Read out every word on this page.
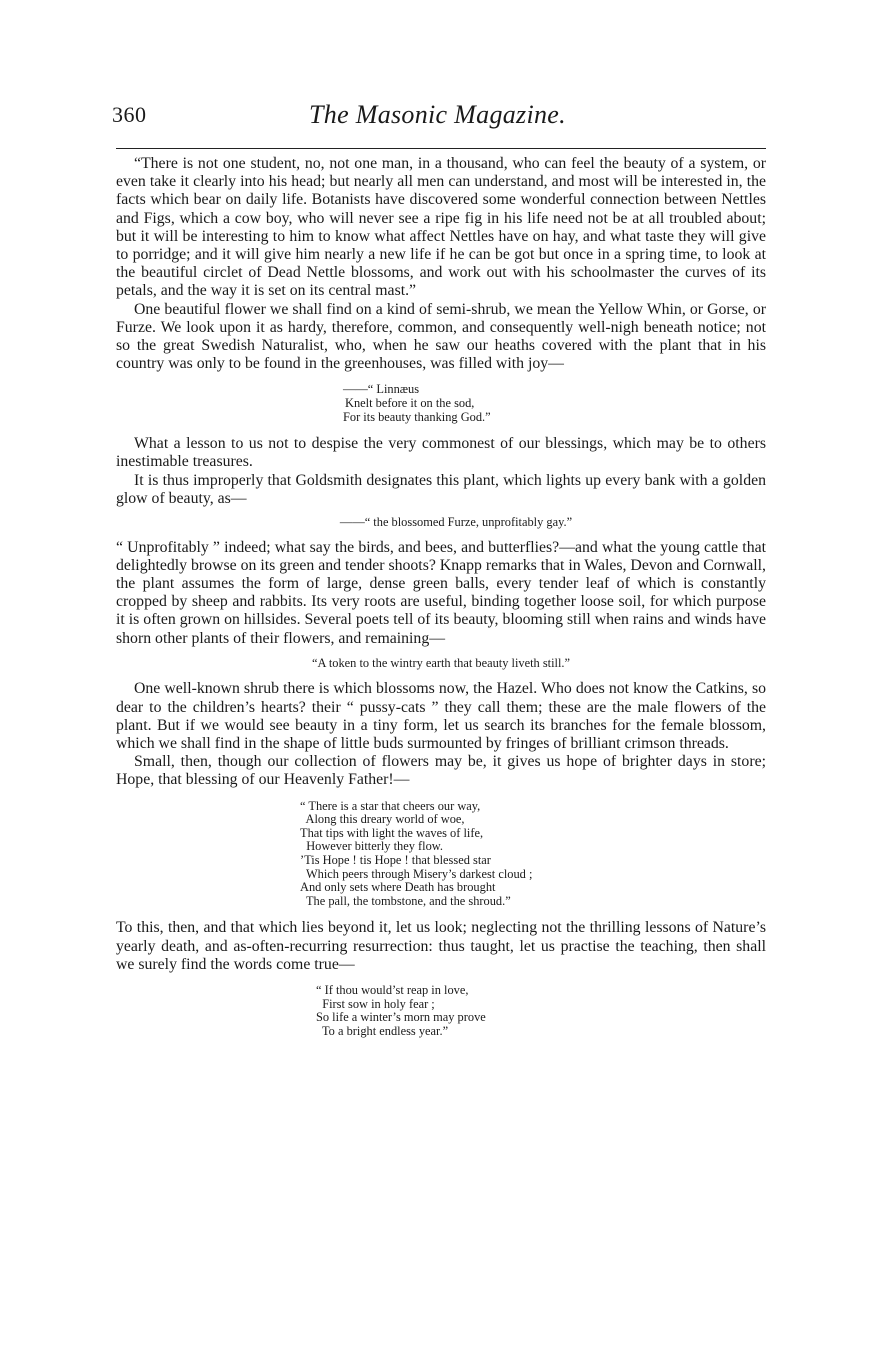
360	The Masonic Magazine.

“There is not one student, no, not one man, in a thousand, who can feel the beauty of a system, or even take it clearly into his head; but nearly all men can understand, and most will be interested in, the facts which bear on daily life. Botanists have discovered some wonderful connection between Nettles and Figs, which a cow boy, who will never see a ripe fig in his life need not be at all troubled about; but it will be interesting to him to know what affect Nettles have on hay, and what taste they will give to porridge; and it will give him nearly a new life if he can be got but once in a spring time, to look at the beautiful circlet of Dead Nettle blossoms, and work out with his schoolmaster the curves of its petals, and the way it is set on its central mast.”

One beautiful flower we shall find on a kind of semi-shrub, we mean the Yellow Whin, or Gorse, or Furze. We look upon it as hardy, therefore, common, and consequently well-nigh beneath notice; not so the great Swedish Naturalist, who, when he saw our heaths covered with the plant that in his country was only to be found in the greenhouses, was filled with joy—

——“ Linnæus
Knelt before it on the sod,
For its beauty thanking God.”

What a lesson to us not to despise the very commonest of our blessings, which may be to others inestimable treasures.

It is thus improperly that Goldsmith designates this plant, which lights up every bank with a golden glow of beauty, as—

——“ the blossomed Furze, unprofitably gay.”

“ Unprofitably ” indeed; what say the birds, and bees, and butterflies?—and what the young cattle that delightedly browse on its green and tender shoots? Knapp remarks that in Wales, Devon and Cornwall, the plant assumes the form of large, dense green balls, every tender leaf of which is constantly cropped by sheep and rabbits. Its very roots are useful, binding together loose soil, for which purpose it is often grown on hillsides. Several poets tell of its beauty, blooming still when rains and winds have shorn other plants of their flowers, and remaining—

“A token to the wintry earth that beauty liveth still.”

One well-known shrub there is which blossoms now, the Hazel. Who does not know the Catkins, so dear to the children’s hearts? their “ pussy-cats ” they call them; these are the male flowers of the plant. But if we would see beauty in a tiny form, let us search its branches for the female blossom, which we shall find in the shape of little buds surmounted by fringes of brilliant crimson threads.

Small, then, though our collection of flowers may be, it gives us hope of brighter days in store; Hope, that blessing of our Heavenly Father!—

“ There is a star that cheers our way,
Along this dreary world of woe,
That tips with light the waves of life,
However bitterly they flow.
’Tis Hope ! tis Hope ! that blessed star
Which peers through Misery’s darkest cloud ;
And only sets where Death has brought
The pall, the tombstone, and the shroud.”

To this, then, and that which lies beyond it, let us look; neglecting not the thrilling lessons of Nature’s yearly death, and as-often-recurring resurrection: thus taught, let us practise the teaching, then shall we surely find the words come true—

“ If thou would’st reap in love,
First sow in holy fear ;
So life a winter’s morn may prove
To a bright endless year.”
